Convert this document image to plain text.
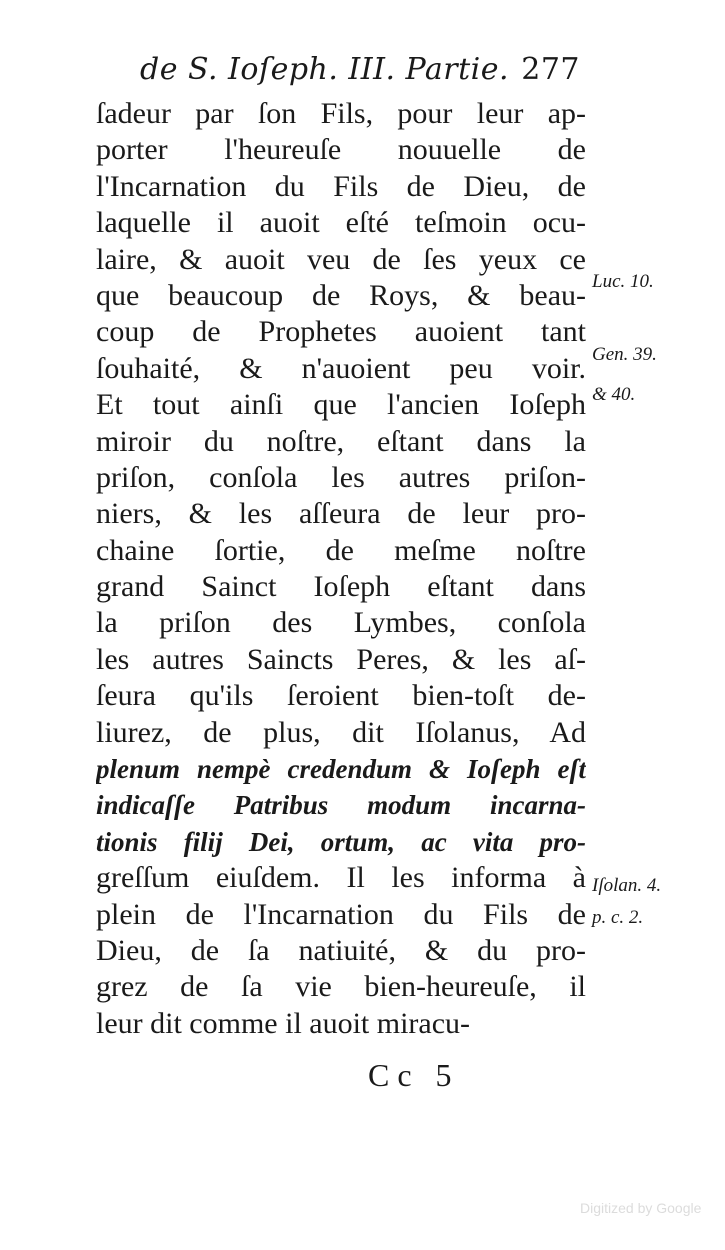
de S. Ioſeph. III. Partie. 277
ſadeur par ſon Fils, pour leur ap-
porter l'heureuſe nouuelle de
l'Incarnation du Fils de Dieu, de
laquelle il auoit eſté teſmoin ocu-
laire, & auoit veu de ſes yeux ce
que beaucoup de Roys, & beau-
coup de Prophetes auoient tant
ſouhaité, & n'auoient peu voir.
Et tout ainſi que l'ancien Ioſeph
miroir du noſtre, eſtant dans la
priſon, conſola les autres priſon-
niers, & les aſſeura de leur pro-
chaine ſortie, de meſme noſtre
grand Sainct Ioſeph eſtant dans
la priſon des Lymbes, conſola
les autres Saincts Peres, & les aſ-
ſeura qu'ils ſeroient bien-toſt de-
liurez, de plus, dit Iſolanus, Ad
plenum nempè credendum & Ioſeph eſt
indicaſſe Patribus modum incarna-
tionis filij Dei, ortum, ac vita pro-
greſſum eiuſdem. Il les informa à
plein de l'Incarnation du Fils de
Dieu, de ſa natiuité, & du pro-
grez de ſa vie bien-heureuſe, il
leur dit comme il auoit miracu-
Luc. 10.
Gen. 39.
& 40.
Iſolan. 4.
p. c. 2.
Cc 5
Digitized by Google
